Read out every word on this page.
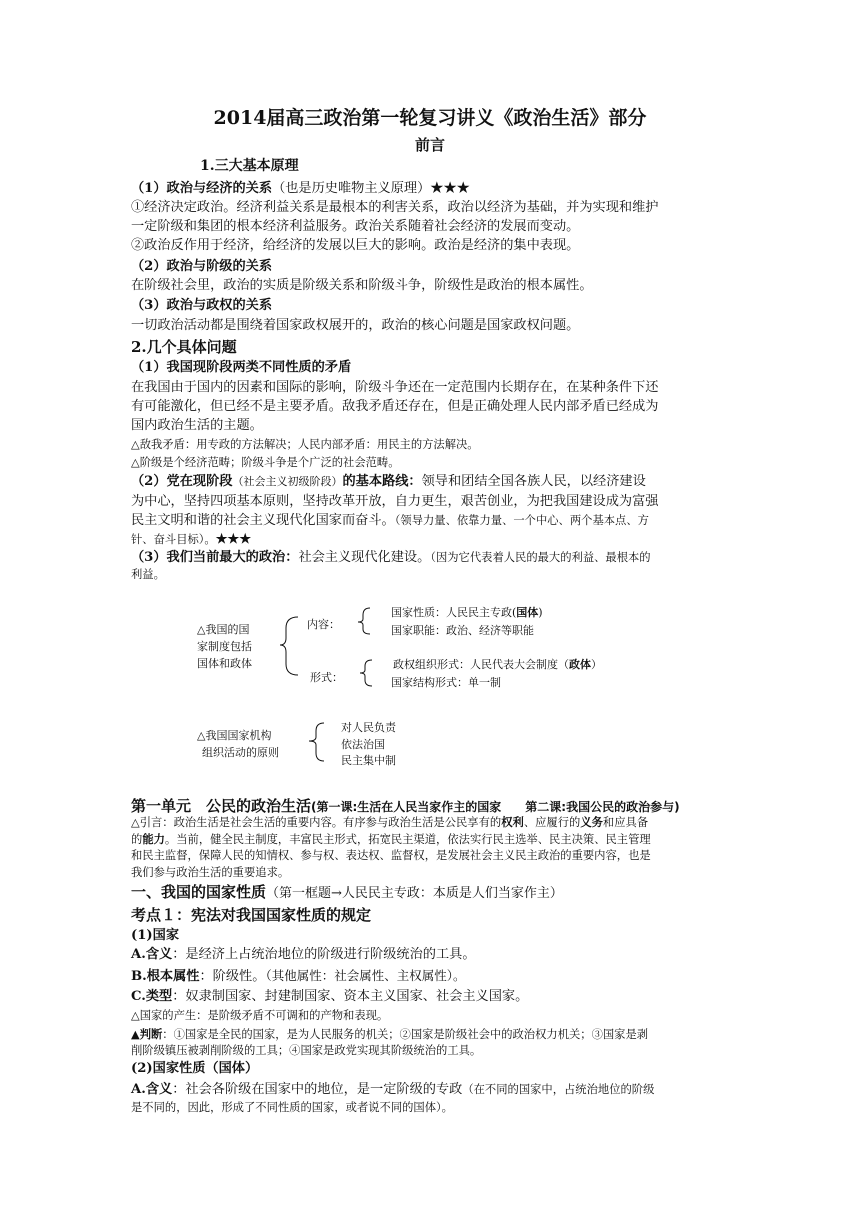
2014届高三政治第一轮复习讲义《政治生活》部分
前言
1.三大基本原理
（1）政治与经济的关系（也是历史唯物主义原理）★★★
①经济决定政治。经济利益关系是最根本的利害关系，政治以经济为基础，并为实现和维护
一定阶级和集团的根本经济利益服务。政治关系随着社会经济的发展而变动。
②政治反作用于经济，给经济的发展以巨大的影响。政治是经济的集中表现。
（2）政治与阶级的关系
在阶级社会里，政治的实质是阶级关系和阶级斗争，阶级性是政治的根本属性。
（3）政治与政权的关系
一切政治活动都是围绕着国家政权展开的，政治的核心问题是国家政权问题。
2.几个具体问题
（1）我国现阶段两类不同性质的矛盾
在我国由于国内的因素和国际的影响，阶级斗争还在一定范围内长期存在，在某种条件下还
有可能激化，但已经不是主要矛盾。敌我矛盾还存在，但是正确处理人民内部矛盾已经成为
国内政治生活的主题。
△敌我矛盾：用专政的方法解决；人民内部矛盾：用民主的方法解决。
△阶级是个经济范畴；阶级斗争是个广泛的社会范畴。
（2）党在现阶段（社会主义初级阶段）的基本路线：领导和团结全国各族人民，以经济建设
为中心，坚持四项基本原则，坚持改革开放，自力更生，艰苦创业，为把我国建设成为富强
民主文明和谐的社会主义现代化国家而奋斗。（领导力量、依靠力量、一个中心、两个基本点、方
针、奋斗目标）。★★★
（3）我们当前最大的政治：社会主义现代化建设。（因为它代表着人民的最大的利益、最根本的
利益。
△我国的国
家制度包括
国体和政体
内容：
形式：
国家性质：人民民主专政(国体)
国家职能：政治、经济等职能
政权组织形式：人民代表大会制度（政体）
国家结构形式：单一制
△我国国家机构
组织活动的原则
对人民负责
依法治国
民主集中制
第一单元　公民的政治生活(第一课:生活在人民当家作主的国家　　第二课:我国公民的政治参与)
△引言：政治生活是社会生活的重要内容。有序参与政治生活是公民享有的权利、应履行的义务和应具备
的能力。当前，健全民主制度，丰富民主形式，拓宽民主渠道，依法实行民主选举、民主决策、民主管理
和民主监督，保障人民的知情权、参与权、表达权、监督权，是发展社会主义民主政治的重要内容，也是
我们参与政治生活的重要追求。
一、我国的国家性质（第一框题→人民民主专政：本质是人们当家作主）
考点１：宪法对我国国家性质的规定
(1)国家
A.含义：是经济上占统治地位的阶级进行阶级统治的工具。
B.根本属性：阶级性。（其他属性：社会属性、主权属性）。
C.类型：奴隶制国家、封建制国家、资本主义国家、社会主义国家。
△国家的产生：是阶级矛盾不可调和的产物和表现。
▲判断：①国家是全民的国家，是为人民服务的机关；②国家是阶级社会中的政治权力机关；③国家是剥
削阶级镇压被剥削阶级的工具；④国家是政党实现其阶级统治的工具。
(2)国家性质（国体）
A.含义：社会各阶级在国家中的地位，是一定阶级的专政（在不同的国家中，占统治地位的阶级
是不同的，因此，形成了不同性质的国家，或者说不同的国体）。
